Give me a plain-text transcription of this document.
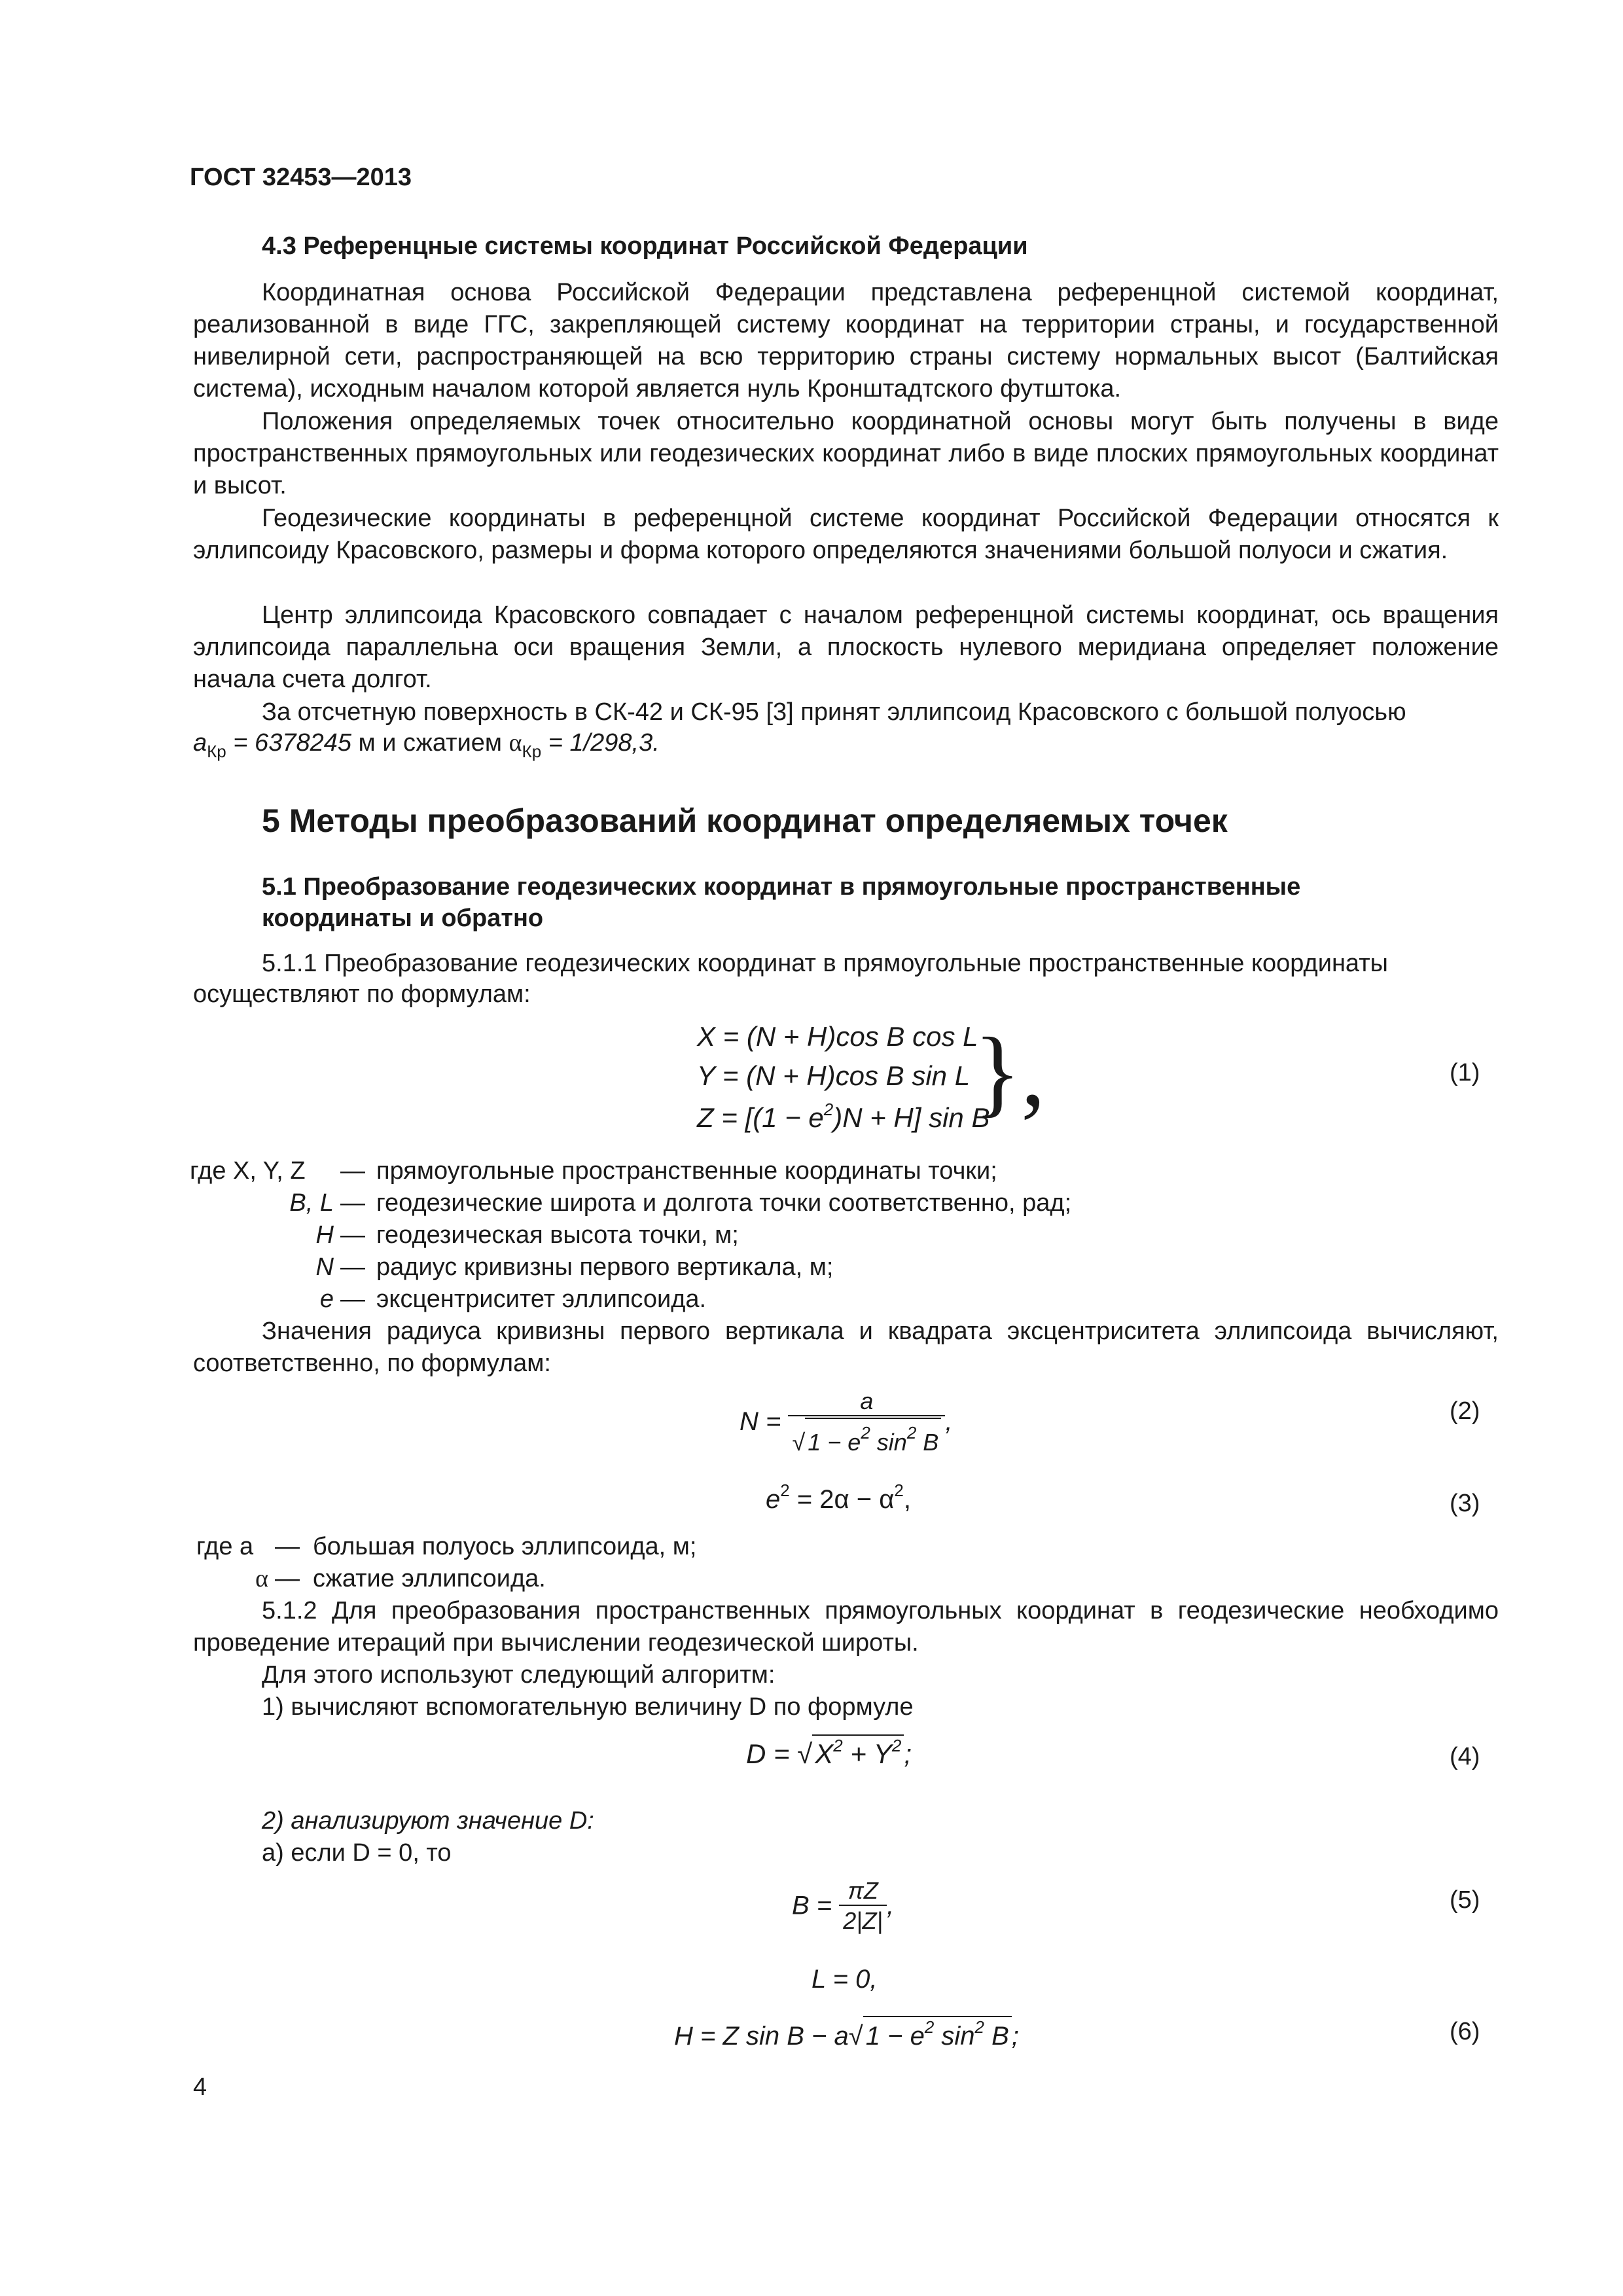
ГОСТ 32453—2013
4.3 Референцные системы координат Российской Федерации

Координатная основа Российской Федерации представлена референцной системой координат, реализованной в виде ГГС, закрепляющей систему координат на территории страны, и государственной нивелирной сети, распространяющей на всю территорию страны систему нормальных высот (Балтийская система), исходным началом которой является нуль Кронштадтского футштока.

Положения определяемых точек относительно координатной основы могут быть получены в виде пространственных прямоугольных или геодезических координат либо в виде плоских прямоугольных координат и высот.

Геодезические координаты в референцной системе координат Российской Федерации относятся к эллипсоиду Красовского, размеры и форма которого определяются значениями большой полуоси и сжатия.

Центр эллипсоида Красовского совпадает с началом референцной системы координат, ось вращения эллипсоида параллельна оси вращения Земли, а плоскость нулевого меридиана определяет положение начала счета долгот.

За отсчетную поверхность в СК-42 и СК-95 [3] принят эллипсоид Красовского с большой полуосью
$a_{Кр} = 6378245$ м и сжатием $\alpha_{Кр} = 1/298,3$.
5 Методы преобразований координат определяемых точек
5.1 Преобразование геодезических координат в прямоугольные пространственные
координаты и обратно
5.1.1 Преобразование геодезических координат в прямоугольные пространственные координаты
осуществляют по формулам:
X = (N + H)cos B cos L
Y = (N + H)cos B sin L
$Z = [(1 - e^2)N + H]$ sin B
},	(1)
где X, Y, Z	— прямоугольные пространственные координаты точки;
B, L — геодезические широта и долгота точки соответственно, рад;
H — геодезическая высота точки, м;
N — радиус кривизны первого вертикала, м;
e — эксцентриситет эллипсоида.

Значения радиуса кривизны первого вертикала и квадрата эксцентриситета эллипсоида вычисляют, соответственно, по формулам:

$N = \frac{a}{√ 1 - e^2 \sin^2 B}$ ,	(2)
$e^2 = 2\alpha - \alpha^2$,	(3)
где a — большая полуось эллипсоида, м;
α — сжатие эллипсоида.

5.1.2 Для преобразования пространственных прямоугольных координат в геодезические необходимо проведение итераций при вычислении геодезической широты.

Для этого используют следующий алгоритм:
1) вычисляют вспомогательную величину D по формуле
$D = √X^2 + Y^2$;	(4)
2) анализируют значение D:
а) если D = 0, то
$B = \frac{\pi Z}{2|Z|}$ ,	(5)
L = 0,
H = Z sin B − a√ $1 - e^2$ $\sin^2 B$ ;	(6)
4
